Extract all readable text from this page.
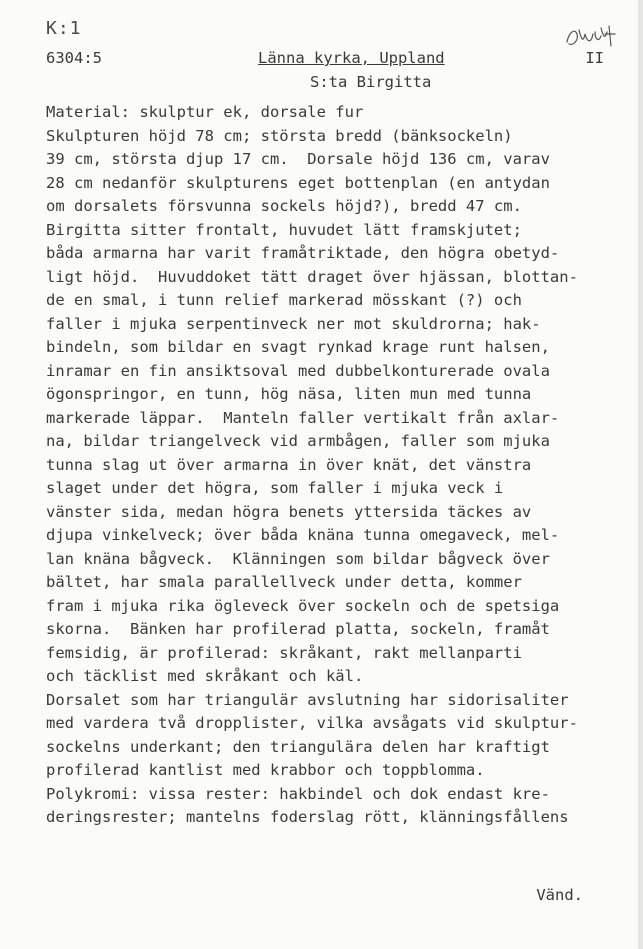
K:1
6304:5	Länna kyrka, Uppland	II
S:ta Birgitta
Material: skulptur ek, dorsale fur
Skulpturen höjd 78 cm; största bredd (bänksockeln)
39 cm, största djup 17 cm.  Dorsale höjd 136 cm, varav
28 cm nedanför skulpturens eget bottenplan (en antydan
om dorsalets försvunna sockels höjd?), bredd 47 cm.
Birgitta sitter frontalt, huvudet lätt framskjutet;
båda armarna har varit framåtriktade, den högra obetyd-
ligt höjd.  Huvuddoket tätt draget över hjässan, blottan-
de en smal, i tunn relief markerad mösskant (?) och
faller i mjuka serpentinveck ner mot skuldrorna; hak-
bindeln, som bildar en svagt rynkad krage runt halsen,
inramar en fin ansiktsoval med dubbelkonturerade ovala
ögonspringor, en tunn, hög näsa, liten mun med tunna
markerade läppar.  Manteln faller vertikalt från axlar-
na, bildar triangelveck vid armbågen, faller som mjuka
tunna slag ut över armarna in över knät, det vänstra
slaget under det högra, som faller i mjuka veck i
vänster sida, medan högra benets yttersida täckes av
djupa vinkelveck; över båda knäna tunna omegaveck, mel-
lan knäna bågveck.  Klänningen som bildar bågveck över
bältet, har smala parallellveck under detta, kommer
fram i mjuka rika ögleveck över sockeln och de spetsiga
skorna.  Bänken har profilerad platta, sockeln, framåt
femsidig, är profilerad: skråkant, rakt mellanparti
och täcklist med skråkant och käl.
Dorsalet som har triangulär avslutning har sidorisaliter
med vardera två dropplister, vilka avsågats vid skulptur-
sockelns underkant; den triangulära delen har kraftigt
profilerad kantlist med krabbor och toppblomma.
Polykromi: vissa rester: hakbindel och dok endast kre-
deringsrester; mantelns foderslag rött, klänningsfållens
Vänd.
